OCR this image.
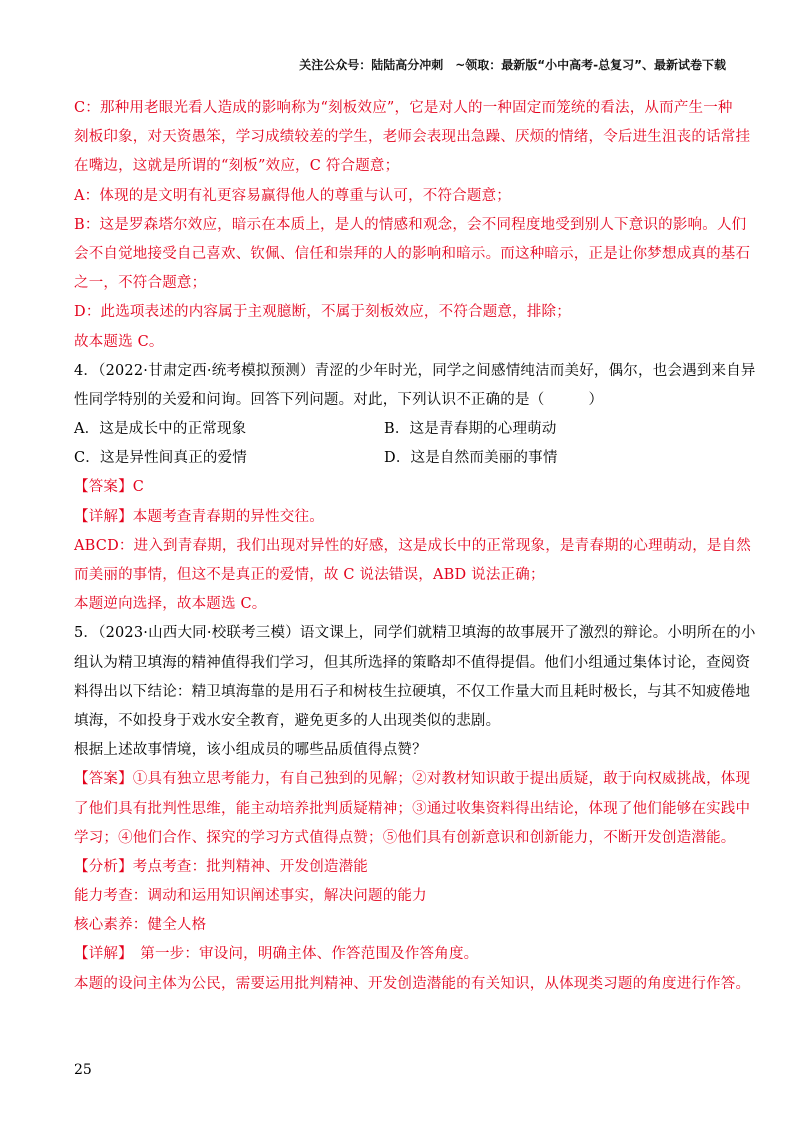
关注公众号：陆陆高分冲刺　~领取：最新版“小中高考-总复习”、最新试卷下载
C：那种用老眼光看人造成的影响称为“刻板效应”，它是对人的一种固定而笼统的看法，从而产生一种
刻板印象，对天资愚笨，学习成绩较差的学生，老师会表现出急躁、厌烦的情绪，令后进生沮丧的话常挂
在嘴边，这就是所谓的“刻板”效应，C 符合题意；
A：体现的是文明有礼更容易赢得他人的尊重与认可，不符合题意；
B：这是罗森塔尔效应，暗示在本质上，是人的情感和观念，会不同程度地受到别人下意识的影响。人们
会不自觉地接受自己喜欢、钦佩、信任和崇拜的人的影响和暗示。而这种暗示，正是让你梦想成真的基石
之一，不符合题意；
D：此选项表述的内容属于主观臆断，不属于刻板效应，不符合题意，排除；
故本题选 C。
4．（2022·甘肃定西·统考模拟预测）青涩的少年时光，同学之间感情纯洁而美好，偶尔，也会遇到来自异
性同学特别的关爱和问询。回答下列问题。对此，下列认识不正确的是（　　　）
A．这是成长中的正常现象	B．这是青春期的心理萌动
C．这是异性间真正的爱情	D．这是自然而美丽的事情
【答案】C
【详解】本题考查青春期的异性交往。
ABCD：进入到青春期，我们出现对异性的好感，这是成长中的正常现象，是青春期的心理萌动，是自然
而美丽的事情，但这不是真正的爱情，故 C 说法错误，ABD 说法正确；
本题逆向选择，故本题选 C。
5．（2023·山西大同·校联考三模）语文课上，同学们就精卫填海的故事展开了激烈的辩论。小明所在的小
组认为精卫填海的精神值得我们学习，但其所选择的策略却不值得提倡。他们小组通过集体讨论，查阅资
料得出以下结论：精卫填海靠的是用石子和树枝生拉硬填，不仅工作量大而且耗时极长，与其不知疲倦地
填海，不如投身于戏水安全教育，避免更多的人出现类似的悲剧。
根据上述故事情境，该小组成员的哪些品质值得点赞？
【答案】①具有独立思考能力，有自己独到的见解；②对教材知识敢于提出质疑，敢于向权威挑战，体现
了他们具有批判性思维，能主动培养批判质疑精神；③通过收集资料得出结论，体现了他们能够在实践中
学习；④他们合作、探究的学习方式值得点赞；⑤他们具有创新意识和创新能力，不断开发创造潜能。
【分析】考点考查：批判精神、开发创造潜能
能力考查：调动和运用知识阐述事实，解决问题的能力
核心素养：健全人格
【详解】　第一步：审设问，明确主体、作答范围及作答角度。
本题的设问主体为公民，需要运用批判精神、开发创造潜能的有关知识，从体现类习题的角度进行作答。
25
